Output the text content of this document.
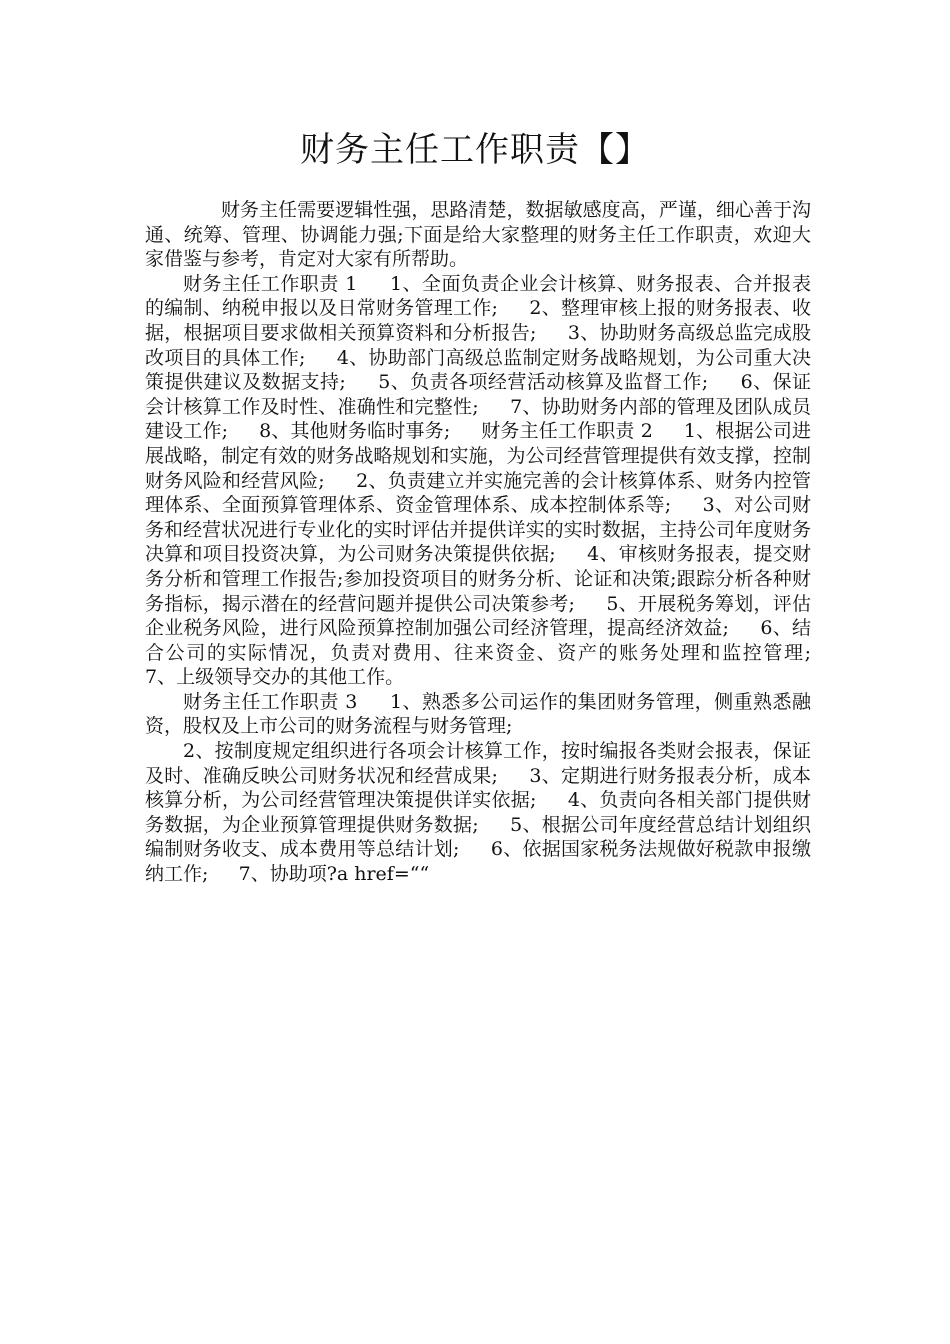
财务主任工作职责【】

财务主任需要逻辑性强，思路清楚，数据敏感度高，严谨，细心善于沟通、统筹、管理、协调能力强;下面是给大家整理的财务主任工作职责，欢迎大家借鉴与参考，肯定对大家有所帮助。

财务主任工作职责 1     1、全面负责企业会计核算、财务报表、合并报表的编制、纳税申报以及日常财务管理工作;     2、整理审核上报的财务报表、收据，根据项目要求做相关预算资料和分析报告;     3、协助财务高级总监完成股改项目的具体工作;     4、协助部门高级总监制定财务战略规划，为公司重大决策提供建议及数据支持;     5、负责各项经营活动核算及监督工作;     6、保证会计核算工作及时性、准确性和完整性;     7、协助财务内部的管理及团队成员建设工作;     8、其他财务临时事务;     财务主任工作职责 2     1、根据公司进展战略，制定有效的财务战略规划和实施，为公司经营管理提供有效支撑，控制财务风险和经营风险;     2、负责建立并实施完善的会计核算体系、财务内控管理体系、全面预算管理体系、资金管理体系、成本控制体系等;     3、对公司财务和经营状况进行专业化的实时评估并提供详实的实时数据，主持公司年度财务决算和项目投资决算，为公司财务决策提供依据;     4、审核财务报表，提交财务分析和管理工作报告;参加投资项目的财务分析、论证和决策;跟踪分析各种财务指标，揭示潜在的经营问题并提供公司决策参考;     5、开展税务筹划，评估企业税务风险，进行风险预算控制加强公司经济管理，提高经济效益;     6、结合公司的实际情况，负责对费用、往来资金、资产的账务处理和监控管理;     7、上级领导交办的其他工作。

财务主任工作职责 3     1、熟悉多公司运作的集团财务管理，侧重熟悉融资，股权及上市公司的财务流程与财务管理;

2、按制度规定组织进行各项会计核算工作，按时编报各类财会报表，保证及时、准确反映公司财务状况和经营成果;     3、定期进行财务报表分析，成本核算分析，为公司经营管理决策提供详实依据;     4、负责向各相关部门提供财务数据，为企业预算管理提供财务数据;     5、根据公司年度经营总结计划组织编制财务收支、成本费用等总结计划;     6、依据国家税务法规做好税款申报缴纳工作;     7、协助项?a href=““
